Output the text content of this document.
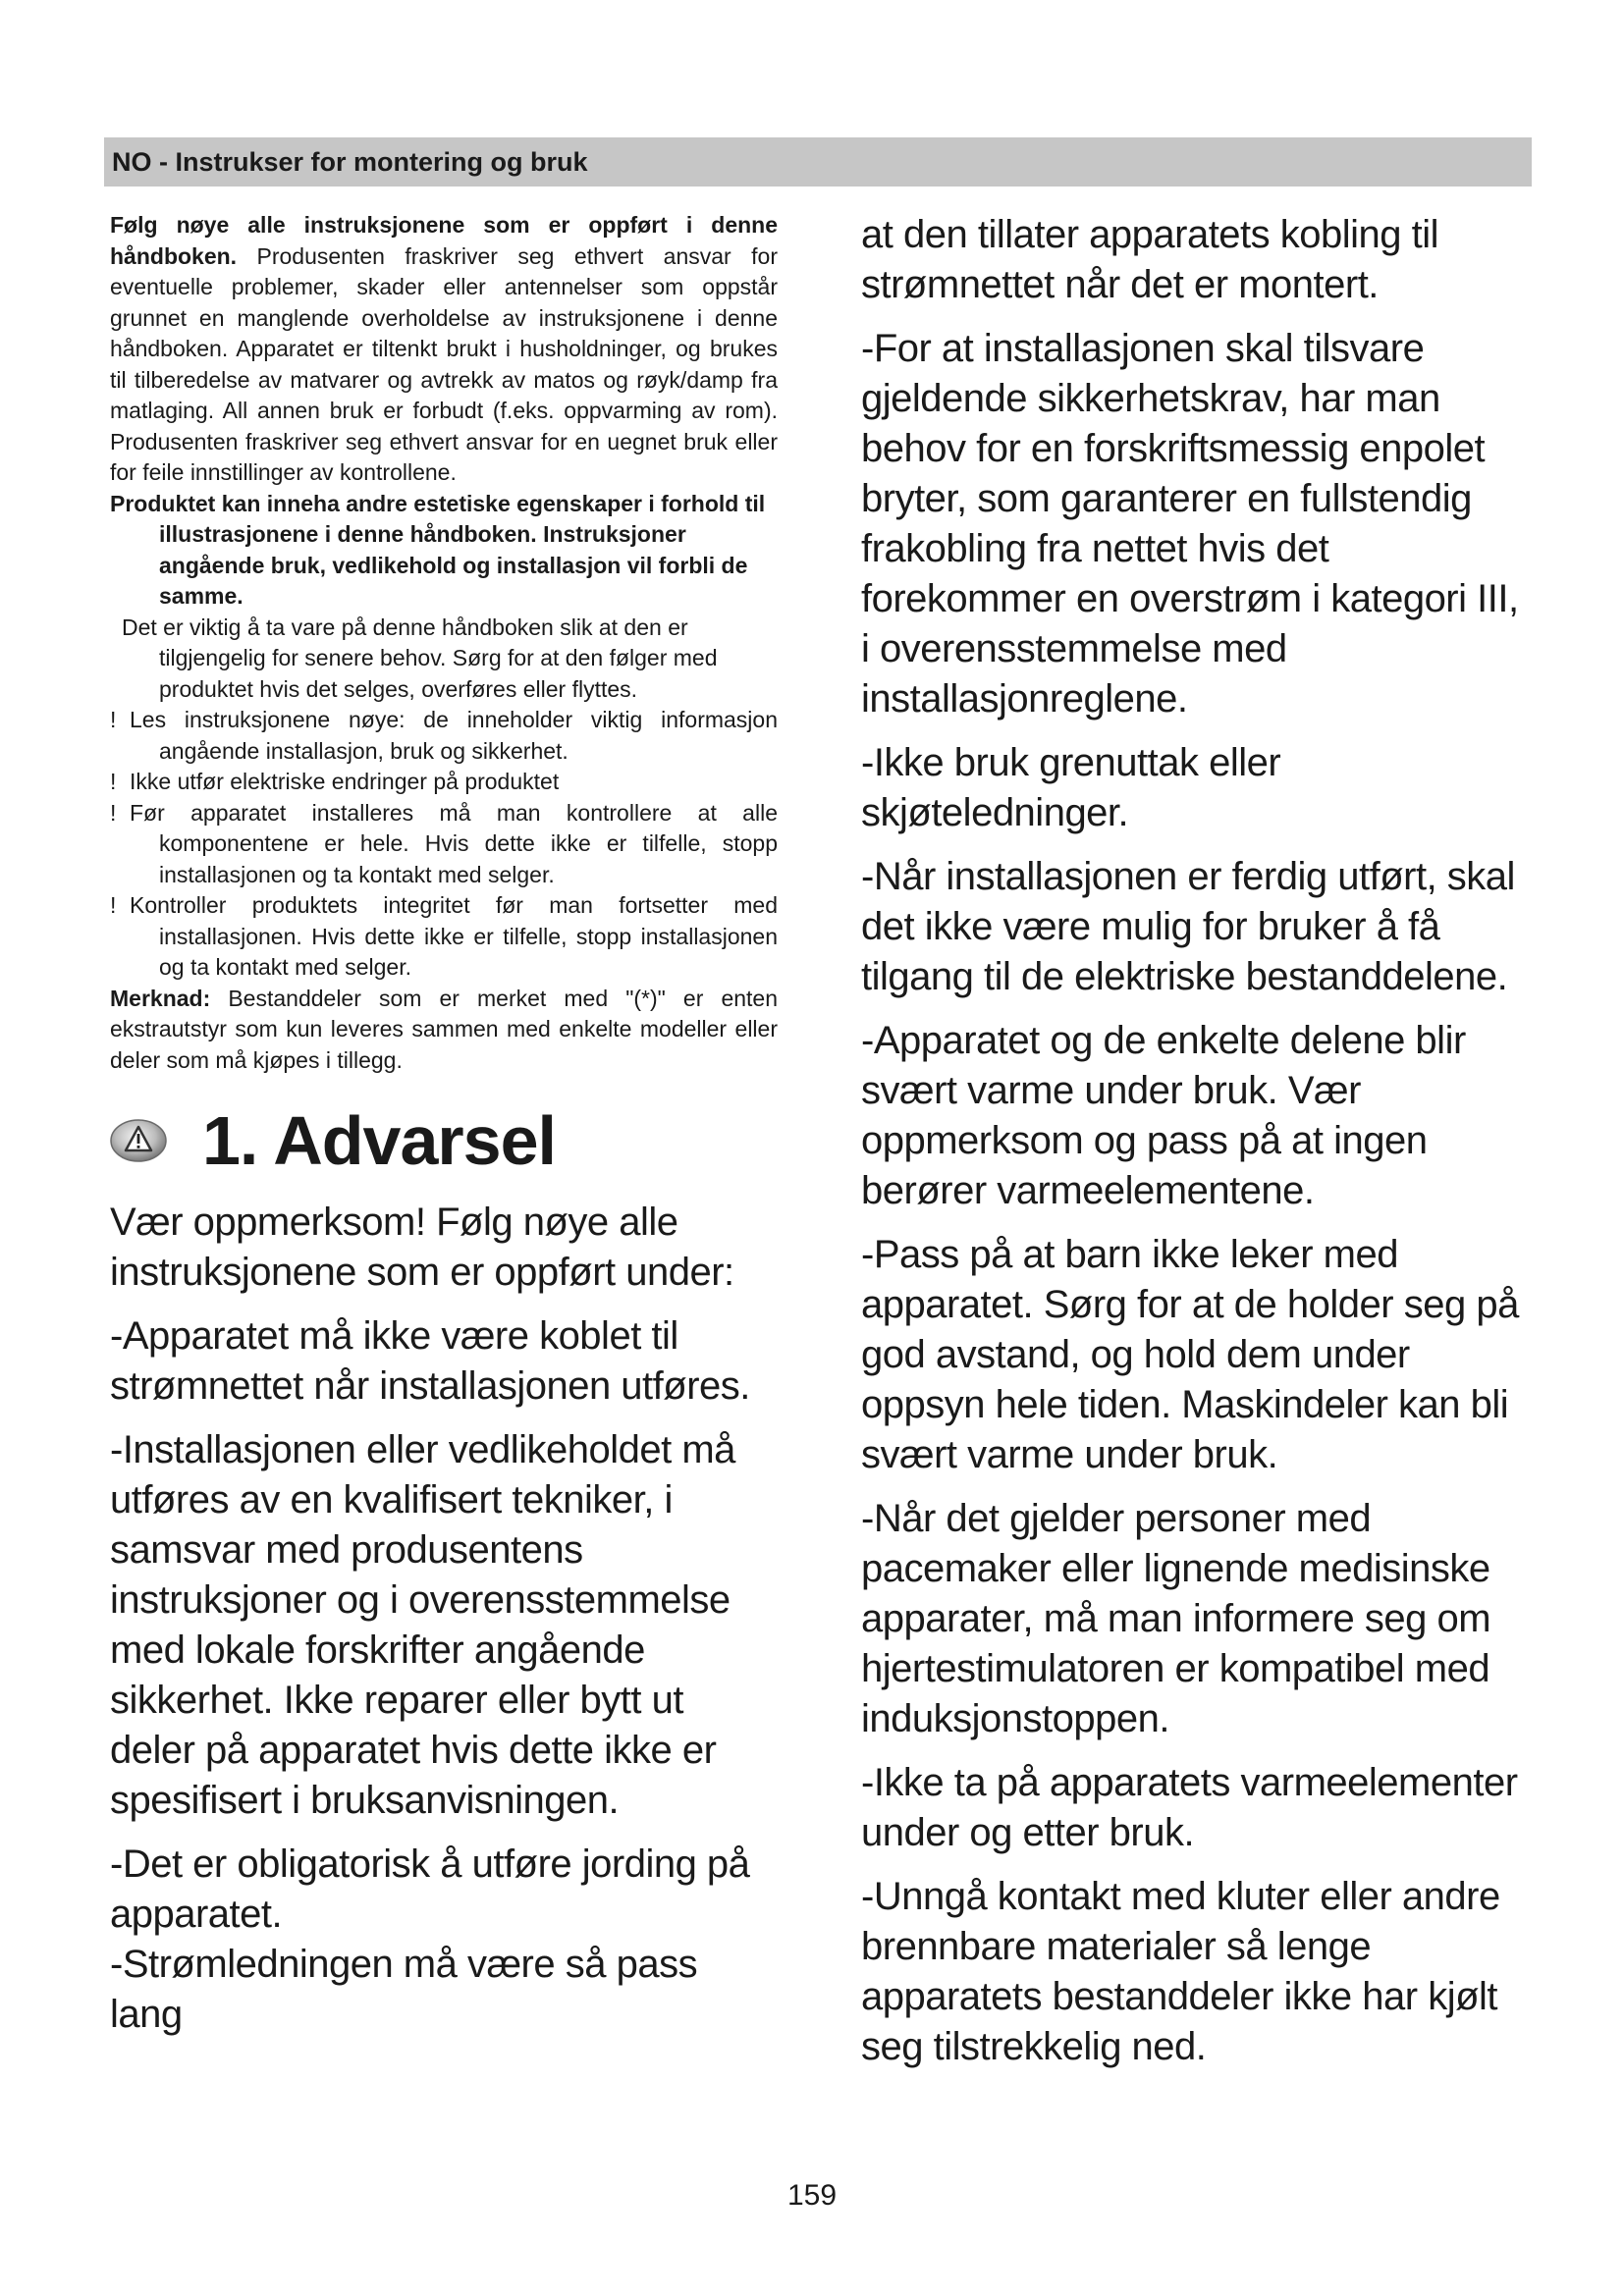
NO - Instrukser for montering og bruk

Følg nøye alle instruksjonene som er oppført i denne håndboken. Produsenten fraskriver seg ethvert ansvar for eventuelle problemer, skader eller antennelser som oppstår grunnet en manglende overholdelse av instruksjonene i denne håndboken. Apparatet er tiltenkt brukt i husholdninger, og brukes til tilberedelse av matvarer og avtrekk av matos og røyk/damp fra matlaging. All annen bruk er forbudt (f.eks. oppvarming av rom). Produsenten fraskriver seg ethvert ansvar for en uegnet bruk eller for feile innstillinger av kontrollene.

Produktet kan inneha andre estetiske egenskaper i forhold til illustrasjonene i denne håndboken. Instruksjoner angående bruk, vedlikehold og installasjon vil forbli de samme.

Det er viktig å ta vare på denne håndboken slik at den er tilgjengelig for senere behov. Sørg for at den følger med produktet hvis det selges, overføres eller flyttes.

! Les instruksjonene nøye: de inneholder viktig informasjon angående installasjon, bruk og sikkerhet.

! Ikke utfør elektriske endringer på produktet

! Før apparatet installeres må man kontrollere at alle komponentene er hele. Hvis dette ikke er tilfelle, stopp installasjonen og ta kontakt med selger.

! Kontroller produktets integritet før man fortsetter med installasjonen. Hvis dette ikke er tilfelle, stopp installasjonen og ta kontakt med selger.

Merknad: Bestanddeler som er merket med "(*)" er enten ekstrautstyr som kun leveres sammen med enkelte modeller eller deler som må kjøpes i tillegg.

1. Advarsel

Vær oppmerksom! Følg nøye alle instruksjonene som er oppført under:

-Apparatet må ikke være koblet til strømnettet når installasjonen utføres.

-Installasjonen eller vedlikeholdet må utføres av en kvalifisert tekniker, i samsvar med produsentens instruksjoner og i overensstemmelse med lokale forskrifter angående sikkerhet. Ikke reparer eller bytt ut deler på apparatet hvis dette ikke er spesifisert i bruksanvisningen.

-Det er obligatorisk å utføre jording på apparatet.

-Strømledningen må være så pass lang

at den tillater apparatets kobling til strømnettet når det er montert.

-For at installasjonen skal tilsvare gjeldende sikkerhetskrav, har man behov for en forskriftsmessig enpolet bryter, som garanterer en fullstendig frakobling fra nettet hvis det forekommer en overstrøm i kategori III, i overensstemmelse med installasjonreglene.

-Ikke bruk grenuttak eller skjøteledninger.

-Når installasjonen er ferdig utført, skal det ikke være mulig for bruker å få tilgang til de elektriske bestanddelene.

-Apparatet og de enkelte delene blir svært varme under bruk. Vær oppmerksom og pass på at ingen berører varmeelementene.

-Pass på at barn ikke leker med apparatet. Sørg for at de holder seg på god avstand, og hold dem under oppsyn hele tiden. Maskindeler kan bli svært varme under bruk.

-Når det gjelder personer med pacemaker eller lignende medisinske apparater, må man informere seg om hjertestimulatoren er kompatibel med induksjonstoppen.

-Ikke ta på apparatets varmeelementer under og etter bruk.

-Unngå kontakt med kluter eller andre brennbare materialer så lenge apparatets bestanddeler ikke har kjølt seg tilstrekkelig ned.

159
